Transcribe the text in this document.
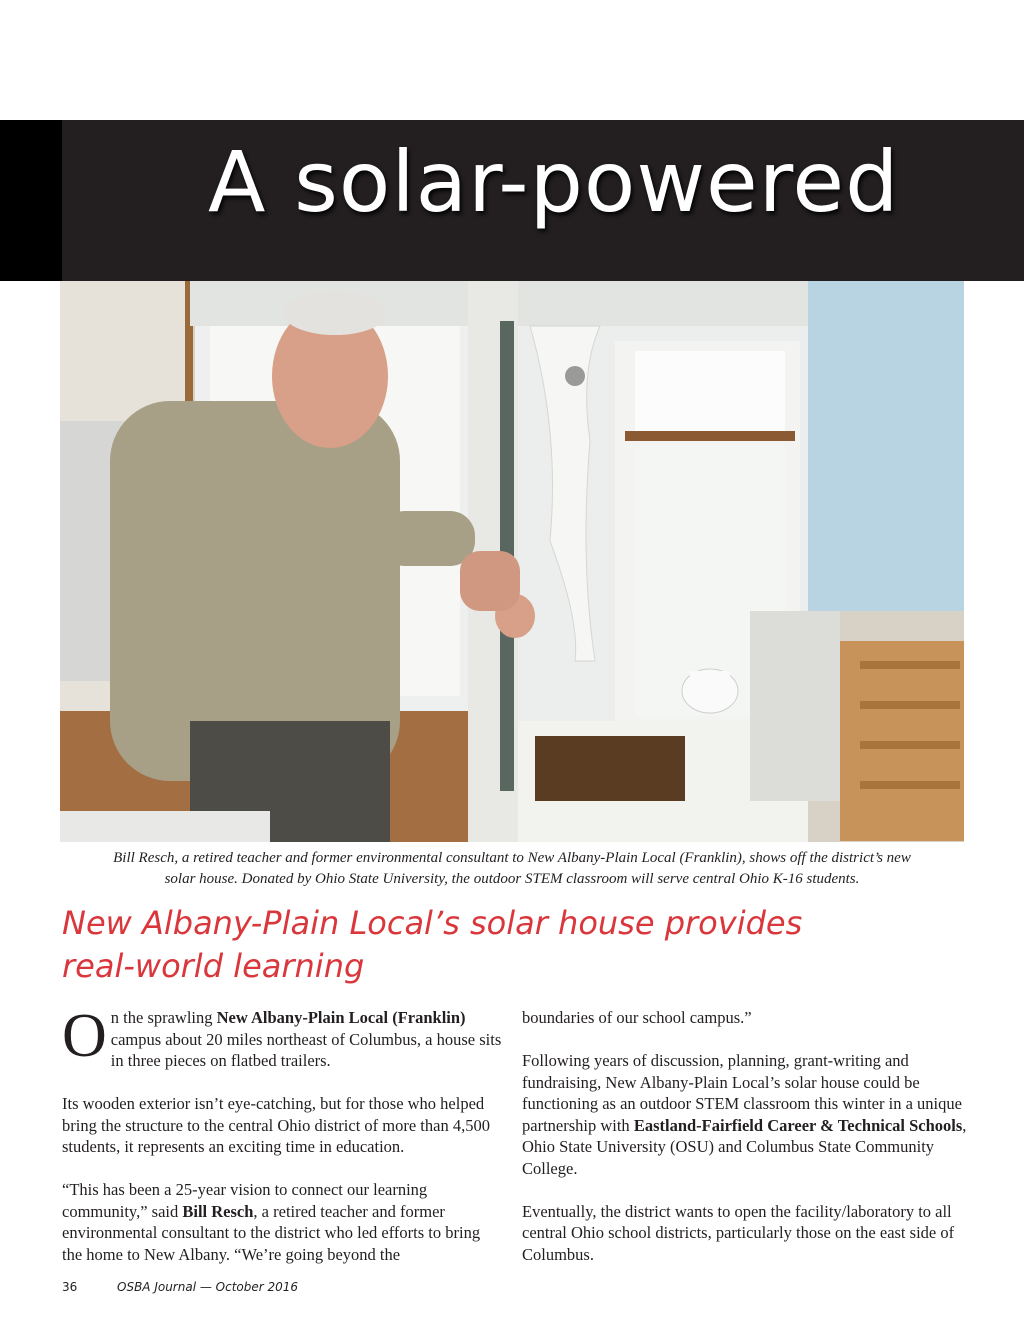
A solar-powered
Bill Resch, a retired teacher and former environmental consultant to New Albany-Plain Local (Franklin), shows off the district’s new
solar house. Donated by Ohio State University, the outdoor STEM classroom will serve central Ohio K-16 students.
New Albany-Plain Local’s solar house provides
real-world learning

On the sprawling New Albany-Plain Local (Franklin) campus about 20 miles northeast of Columbus, a house sits in three pieces on flatbed trailers.

Its wooden exterior isn’t eye-catching, but for those who helped bring the structure to the central Ohio district of more than 4,500 students, it represents an exciting time in education.

“This has been a 25-year vision to connect our learning community,” said Bill Resch, a retired teacher and former environmental consultant to the district who led efforts to bring the home to New Albany. “We’re going beyond the

boundaries of our school campus.”

Following years of discussion, planning, grant-writing and fundraising, New Albany-Plain Local’s solar house could be functioning as an outdoor STEM classroom this winter in a unique partnership with Eastland-Fairfield Career & Technical Schools, Ohio State University (OSU) and Columbus State Community College.

Eventually, the district wants to open the facility/laboratory to all central Ohio school districts, particularly those on the east side of Columbus.

36	OSBA Journal — October 2016
